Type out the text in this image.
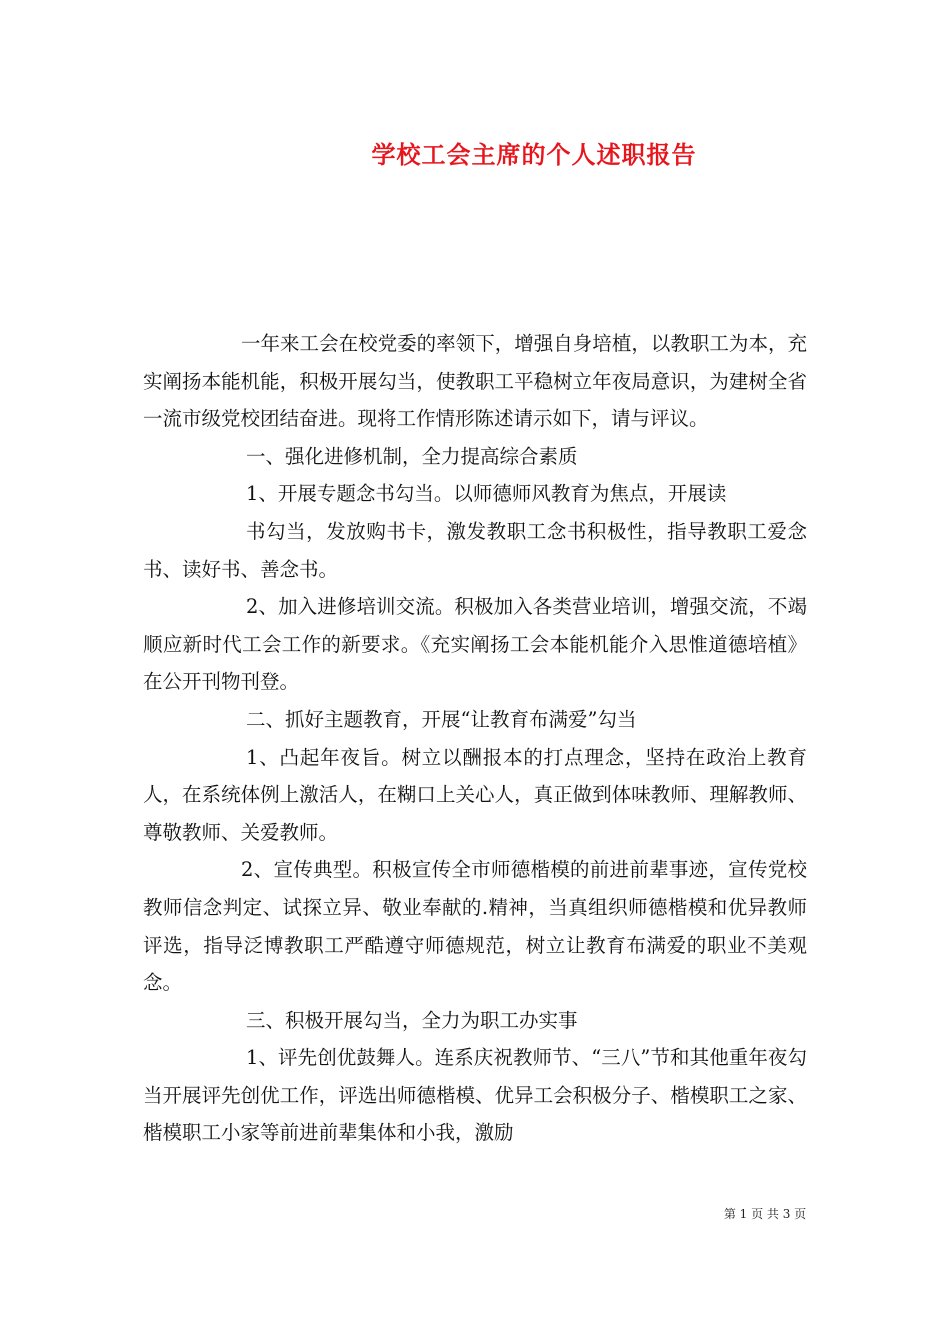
学校工会主席的个人述职报告

一年来工会在校党委的率领下，增强自身培植，以教职工为本，充实阐扬本能机能，积极开展勾当，使教职工平稳树立年夜局意识，为建树全省一流市级党校团结奋进。现将工作情形陈述请示如下，请与评议。

一、强化进修机制，全力提高综合素质

1、开展专题念书勾当。以师德师风教育为焦点，开展读

书勾当，发放购书卡，激发教职工念书积极性，指导教职工爱念书、读好书、善念书。

2、加入进修培训交流。积极加入各类营业培训，增强交流，不竭顺应新时代工会工作的新要求。《充实阐扬工会本能机能介入思惟道德培植》在公开刊物刊登。

二、抓好主题教育，开展“让教育布满爱”勾当

1、凸起年夜旨。树立以酬报本的打点理念，坚持在政治上教育人，在系统体例上激活人，在糊口上关心人，真正做到体味教师、理解教师、尊敬教师、关爱教师。

2、宣传典型。积极宣传全市师德楷模的前进前辈事迹，宣传党校教师信念判定、试探立异、敬业奉献的.精神，当真组织师德楷模和优异教师评选，指导泛博教职工严酷遵守师德规范，树立让教育布满爱的职业不美观念。

三、积极开展勾当，全力为职工办实事

1、评先创优鼓舞人。连系庆祝教师节、“三八”节和其他重年夜勾当开展评先创优工作，评选出师德楷模、优异工会积极分子、楷模职工之家、楷模职工小家等前进前辈集体和小我，激励

第 1 页 共 3 页
